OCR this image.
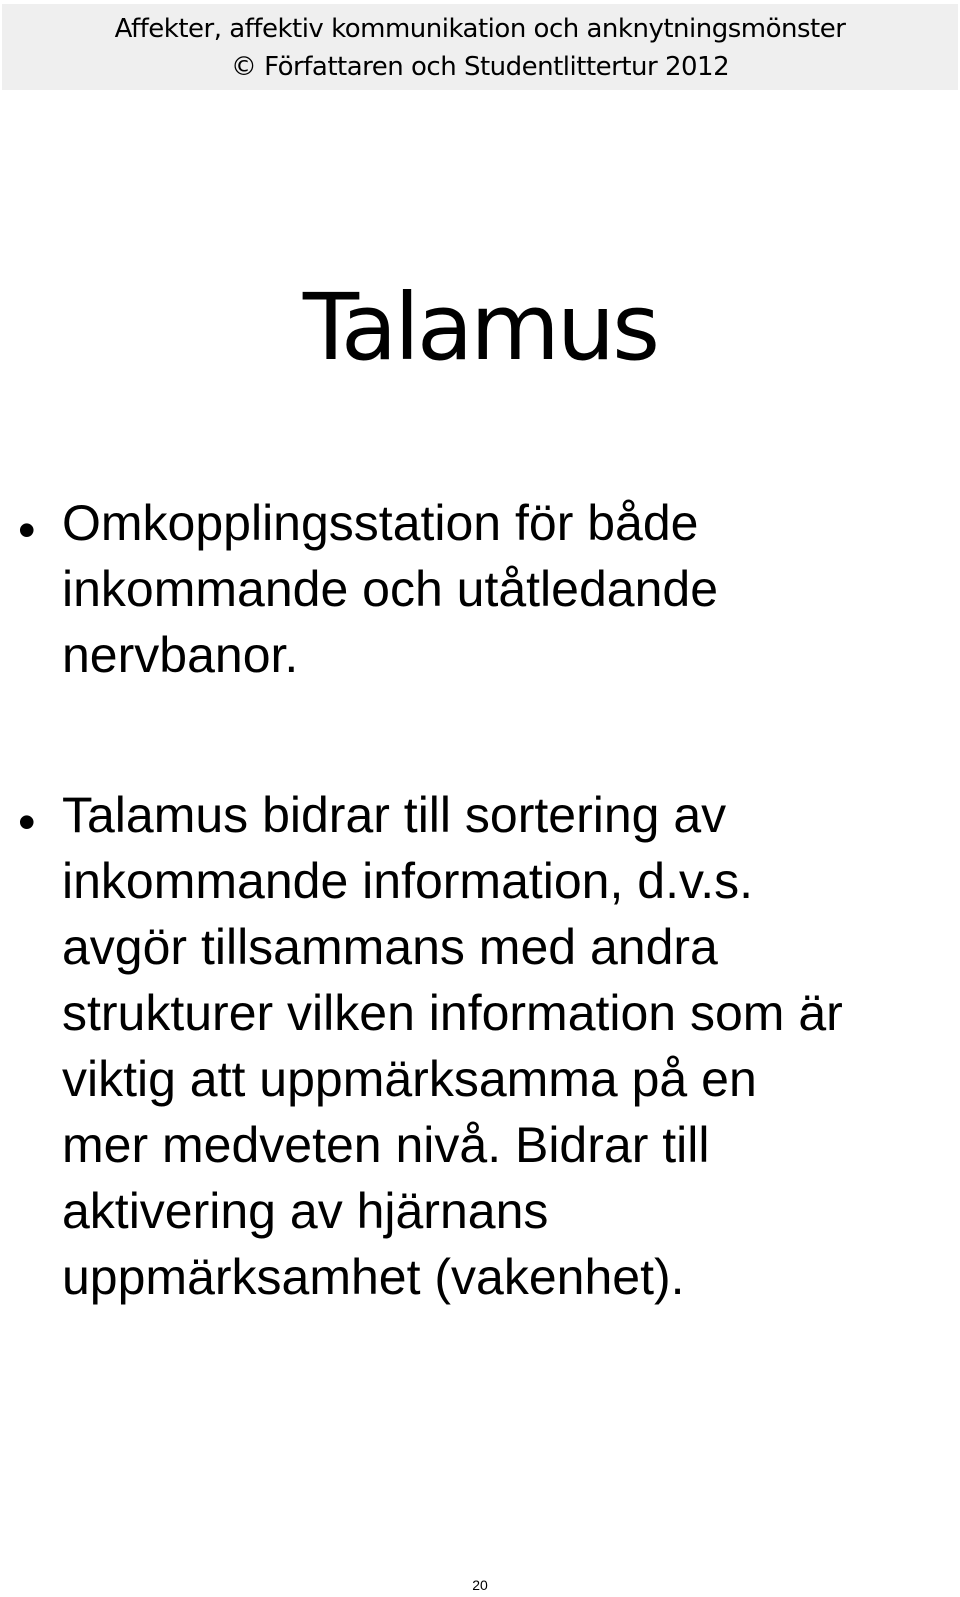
Affekter, affektiv kommunikation och anknytningsmönster
© Författaren och Studentlittertur 2012
Talamus
• Omkopplingsstation för både
inkommande och utåtledande
nervbanor.
• Talamus bidrar till sortering av
inkommande information, d.v.s.
avgör tillsammans med andra
strukturer vilken information som är
viktig att uppmärksamma på en
mer medveten nivå. Bidrar till
aktivering av hjärnans
uppmärksamhet (vakenhet).
20
